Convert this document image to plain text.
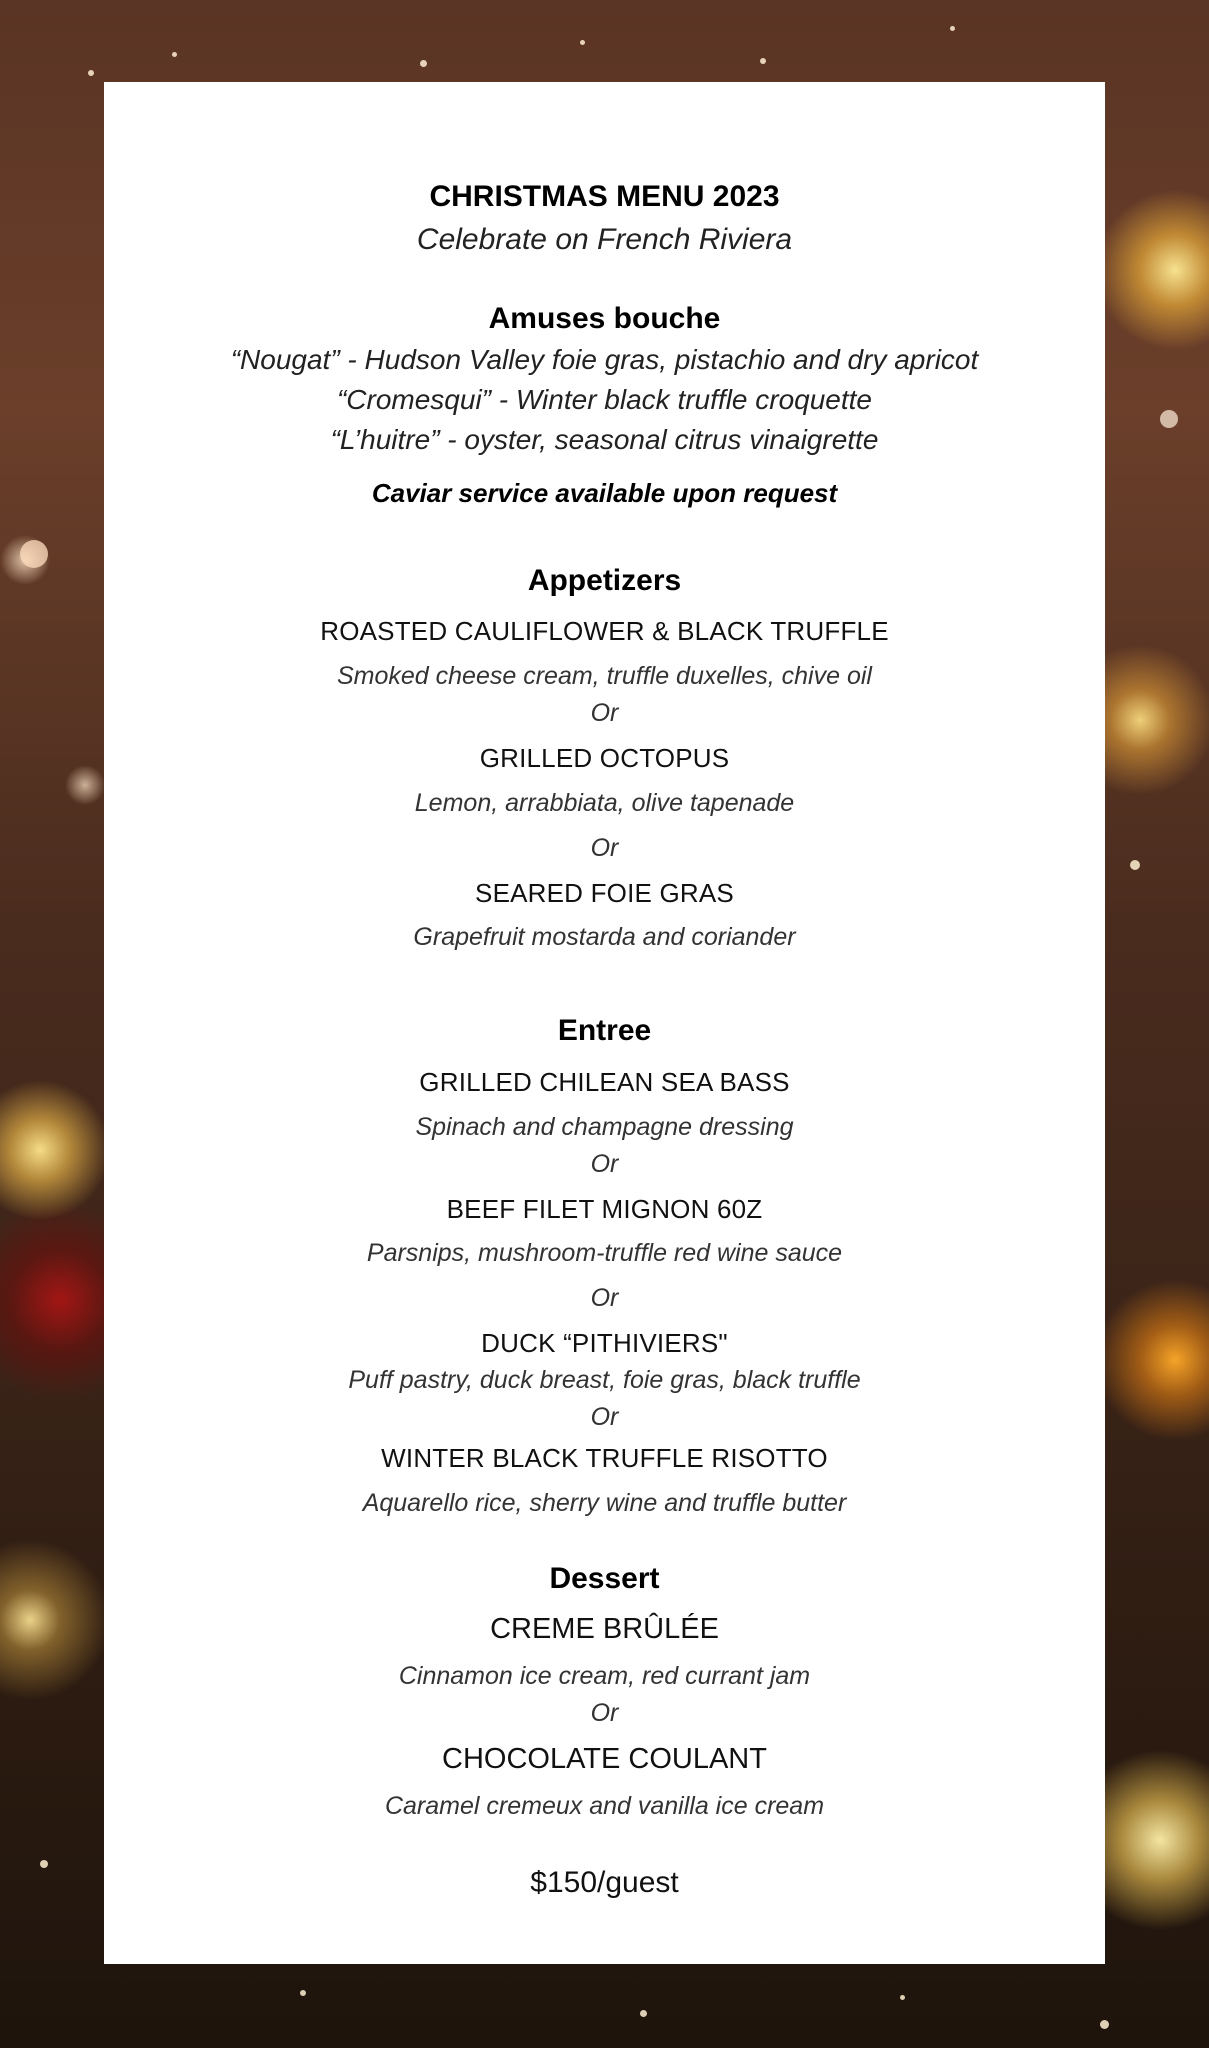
CHRISTMAS MENU 2023
Celebrate on French Riviera
Amuses bouche
“Nougat” - Hudson Valley foie gras, pistachio and dry apricot
“Cromesqui” - Winter black truffle croquette
“L’huitre” - oyster, seasonal citrus vinaigrette
Caviar service available upon request
Appetizers
ROASTED CAULIFLOWER & BLACK TRUFFLE
Smoked cheese cream, truffle duxelles, chive oil
Or
GRILLED OCTOPUS
Lemon, arrabbiata, olive tapenade
Or
SEARED FOIE GRAS
Grapefruit mostarda and coriander
Entree
GRILLED CHILEAN SEA BASS
Spinach and champagne dressing
Or
BEEF FILET MIGNON 60Z
Parsnips, mushroom-truffle red wine sauce
Or
DUCK “PITHIVIERS"
Puff pastry, duck breast, foie gras, black truffle
Or
WINTER BLACK TRUFFLE RISOTTO
Aquarello rice, sherry wine and truffle butter
Dessert
CREME BRÛLÉE
Cinnamon ice cream, red currant jam
Or
CHOCOLATE COULANT
Caramel cremeux and vanilla ice cream
$150/guest
